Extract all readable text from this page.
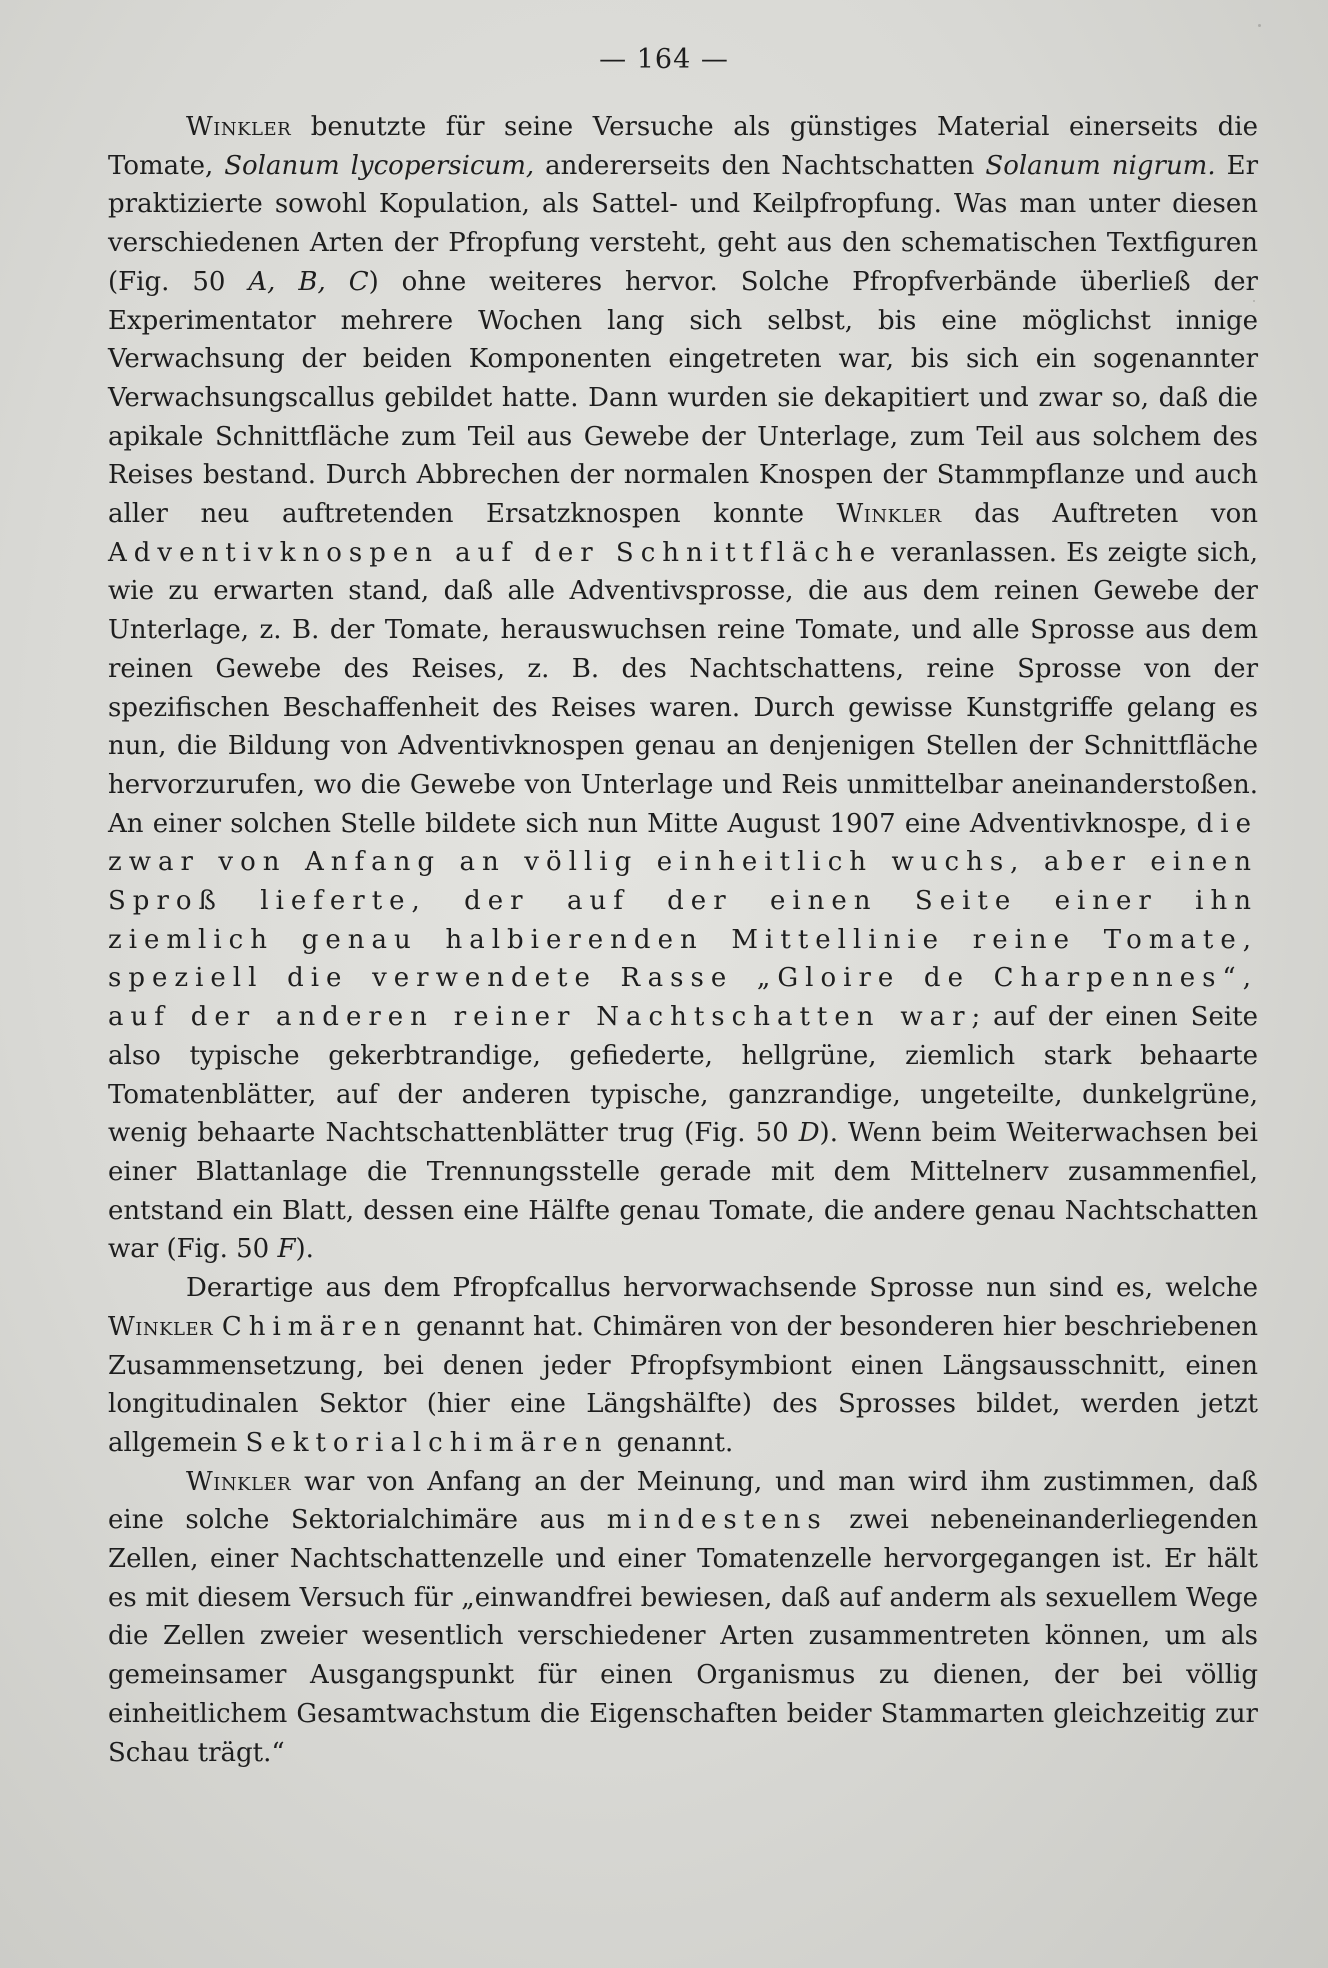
— 164 —

Winkler benutzte für seine Versuche als günstiges Material einerseits die Tomate, Solanum lycopersicum, andererseits den Nachtschatten Solanum nigrum. Er praktizierte sowohl Kopulation, als Sattel- und Keilpfropfung. Was man unter diesen verschiedenen Arten der Pfropfung versteht, geht aus den schematischen Textfiguren (Fig. 50 A, B, C) ohne weiteres hervor. Solche Pfropfverbände überließ der Experimentator mehrere Wochen lang sich selbst, bis eine möglichst innige Verwachsung der beiden Komponenten eingetreten war, bis sich ein sogenannter Verwachsungscallus gebildet hatte. Dann wurden sie dekapitiert und zwar so, daß die apikale Schnittfläche zum Teil aus Gewebe der Unterlage, zum Teil aus solchem des Reises bestand. Durch Abbrechen der normalen Knospen der Stammpflanze und auch aller neu auftretenden Ersatzknospen konnte Winkler das Auftreten von Adventivknospen auf der Schnittfläche veranlassen. Es zeigte sich, wie zu erwarten stand, daß alle Adventivsprosse, die aus dem reinen Gewebe der Unterlage, z. B. der Tomate, herauswuchsen reine Tomate, und alle Sprosse aus dem reinen Gewebe des Reises, z. B. des Nachtschattens, reine Sprosse von der spezifischen Beschaffenheit des Reises waren. Durch gewisse Kunstgriffe gelang es nun, die Bildung von Adventivknospen genau an denjenigen Stellen der Schnittfläche hervorzurufen, wo die Gewebe von Unterlage und Reis unmittelbar aneinanderstoßen. An einer solchen Stelle bildete sich nun Mitte August 1907 eine Adventivknospe, die zwar von Anfang an völlig einheitlich wuchs, aber einen Sproß lieferte, der auf der einen Seite einer ihn ziemlich genau halbierenden Mittellinie reine Tomate, speziell die verwendete Rasse „Gloire de Charpennes“, auf der anderen reiner Nachtschatten war; auf der einen Seite also typische gekerbtrandige, gefiederte, hellgrüne, ziemlich stark behaarte Tomatenblätter, auf der anderen typische, ganzrandige, ungeteilte, dunkelgrüne, wenig behaarte Nachtschattenblätter trug (Fig. 50 D). Wenn beim Weiterwachsen bei einer Blattanlage die Trennungsstelle gerade mit dem Mittelnerv zusammenfiel, entstand ein Blatt, dessen eine Hälfte genau Tomate, die andere genau Nachtschatten war (Fig. 50 F).

Derartige aus dem Pfropfcallus hervorwachsende Sprosse nun sind es, welche Winkler Chimären genannt hat. Chimären von der besonderen hier beschriebenen Zusammensetzung, bei denen jeder Pfropfsymbiont einen Längsausschnitt, einen longitudinalen Sektor (hier eine Längshälfte) des Sprosses bildet, werden jetzt allgemein Sektorialchimären genannt.

Winkler war von Anfang an der Meinung, und man wird ihm zustimmen, daß eine solche Sektorialchimäre aus mindestens zwei nebeneinanderliegenden Zellen, einer Nachtschattenzelle und einer Tomatenzelle hervorgegangen ist. Er hält es mit diesem Versuch für „einwandfrei bewiesen, daß auf anderm als sexuellem Wege die Zellen zweier wesentlich verschiedener Arten zusammentreten können, um als gemeinsamer Ausgangspunkt für einen Organismus zu dienen, der bei völlig einheitlichem Gesamtwachstum die Eigenschaften beider Stammarten gleichzeitig zur Schau trägt.“
